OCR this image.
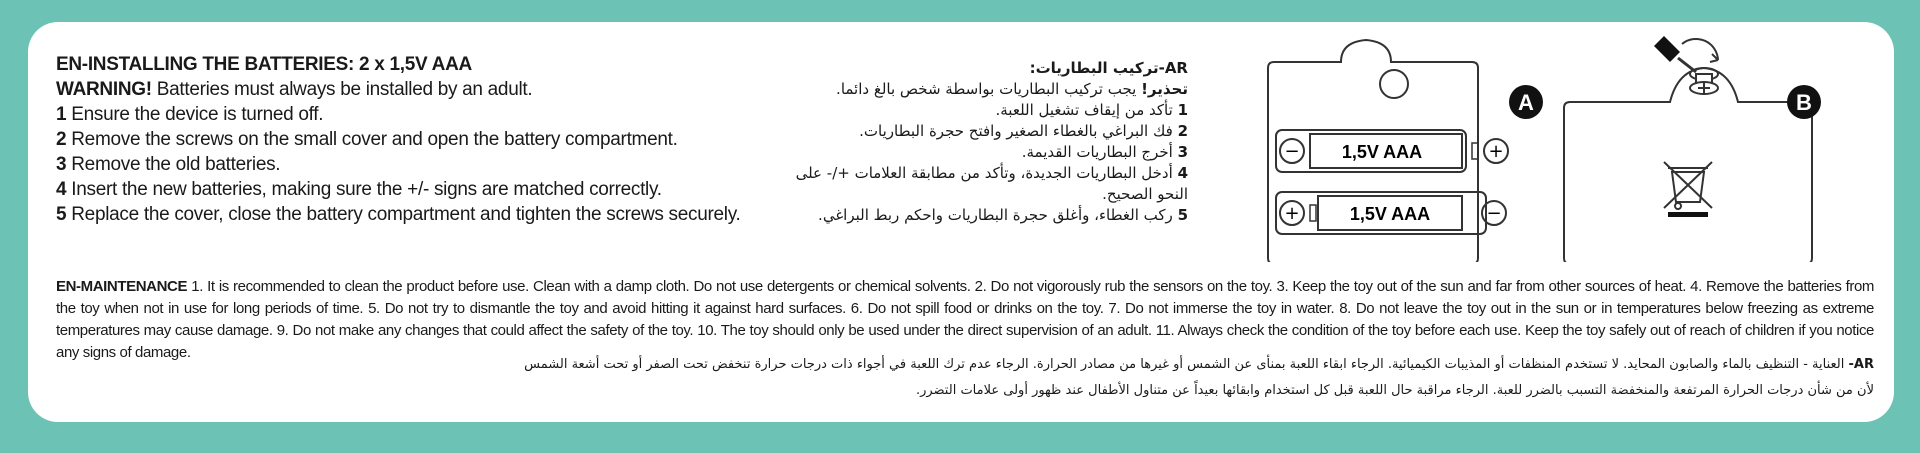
EN-INSTALLING THE BATTERIES: 2 x 1,5V AAA
WARNING! Batteries must always be installed by an adult.
1 Ensure the device is turned off.
2 Remove the screws on the small cover and open the battery compartment.
3 Remove the old batteries.
4 Insert the new batteries, making sure the +/- signs are matched correctly.
5 Replace the cover, close the battery compartment and tighten the screws securely.
AR-تركيب البطاريات:
تحذير! يجب تركيب البطاريات بواسطة شخص بالغ دائما.
1 تأكد من إيقاف تشغيل اللعبة.
2 فك البراغي بالغطاء الصغير وافتح حجرة البطاريات.
3 أخرج البطاريات القديمة.
4 أدخل البطاريات الجديدة، وتأكد من مطابقة العلامات +/- على النحو الصحيح.
5 ركب الغطاء، وأغلق حجرة البطاريات واحكم ربط البراغي.
−	+
1,5V AAA
+	−
1,5V AAA
A	B
EN-MAINTENANCE 1. It is recommended to clean the product before use. Clean with a damp cloth. Do not use detergents or chemical solvents. 2. Do not vigorously rub the sensors on the toy. 3. Keep the toy out of the sun and far from other sources of heat. 4. Remove the batteries from the toy when not in use for long periods of time. 5. Do not try to dismantle the toy and avoid hitting it against hard surfaces. 6. Do not spill food or drinks on the toy. 7. Do not immerse the toy in water. 8. Do not leave the toy out in the sun or in temperatures below freezing as extreme temperatures may cause damage. 9. Do not make any changes that could affect the safety of the toy. 10. The toy should only be used under the direct supervision of an adult. 11. Always check the condition of the toy before each use. Keep the toy safely out of reach of children if you notice any signs of damage.
AR- العناية - التنظيف بالماء والصابون المحايد. لا تستخدم المنظفات أو المذيبات الكيميائية. الرجاء ابقاء اللعبة بمنأى عن الشمس أو غيرها من مصادر الحرارة. الرجاء عدم ترك اللعبة في أجواء ذات درجات حرارة تنخفض تحت الصفر أو تحت أشعة الشمس لأن من شأن درجات الحرارة المرتفعة والمنخفضة التسبب بالضرر للعبة. الرجاء مراقبة حال اللعبة قبل كل استخدام وابقائها بعيداً عن متناول الأطفال عند ظهور أولى علامات التضرر.
